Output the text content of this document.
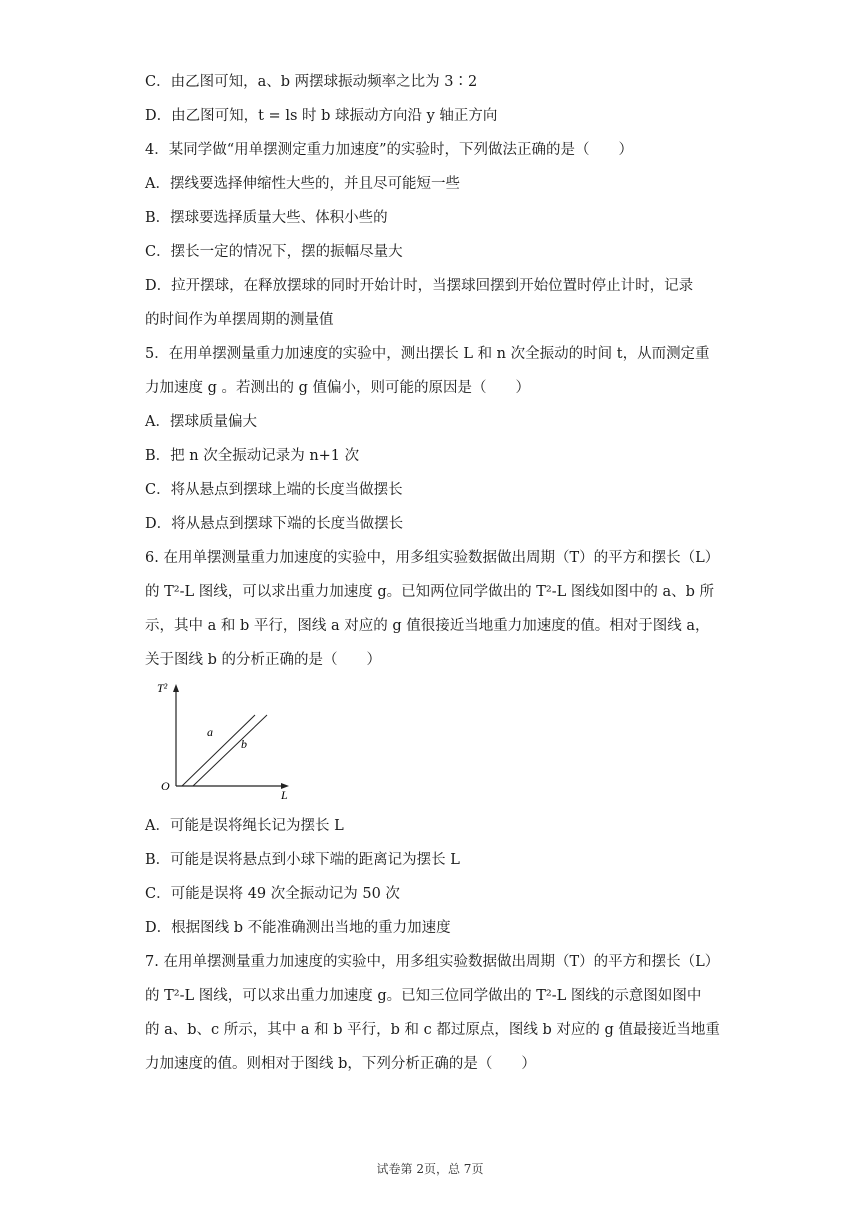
C．由乙图可知，a、b 两摆球振动频率之比为 3∶2
D．由乙图可知，t = ls 时 b 球振动方向沿 y 轴正方向
4．某同学做“用单摆测定重力加速度”的实验时，下列做法正确的是（　　）
A．摆线要选择伸缩性大些的，并且尽可能短一些
B．摆球要选择质量大些、体积小些的
C．摆长一定的情况下，摆的振幅尽量大
D．拉开摆球，在释放摆球的同时开始计时，当摆球回摆到开始位置时停止计时，记录
的时间作为单摆周期的测量值
5．在用单摆测量重力加速度的实验中，测出摆长 L 和 n 次全振动的时间 t，从而测定重
力加速度 g 。若测出的 g 值偏小，则可能的原因是（　　）
A．摆球质量偏大
B．把 n 次全振动记录为 n+1 次
C．将从悬点到摆球上端的长度当做摆长
D．将从悬点到摆球下端的长度当做摆长
6. 在用单摆测量重力加速度的实验中，用多组实验数据做出周期（T）的平方和摆长（L）
的 T²-L 图线，可以求出重力加速度 g。已知两位同学做出的 T²-L 图线如图中的 a、b 所
示，其中 a 和 b 平行，图线 a 对应的 g 值很接近当地重力加速度的值。相对于图线 a，
关于图线 b 的分析正确的是（　　）
T²
L
O
a
b
A．可能是误将绳长记为摆长 L
B．可能是误将悬点到小球下端的距离记为摆长 L
C．可能是误将 49 次全振动记为 50 次
D．根据图线 b 不能准确测出当地的重力加速度
7. 在用单摆测量重力加速度的实验中，用多组实验数据做出周期（T）的平方和摆长（L）
的 T²-L 图线，可以求出重力加速度 g。已知三位同学做出的 T²-L 图线的示意图如图中
的 a、b、c 所示，其中 a 和 b 平行，b 和 c 都过原点，图线 b 对应的 g 值最接近当地重
力加速度的值。则相对于图线 b，下列分析正确的是（　　）
试卷第 2页，总 7页
